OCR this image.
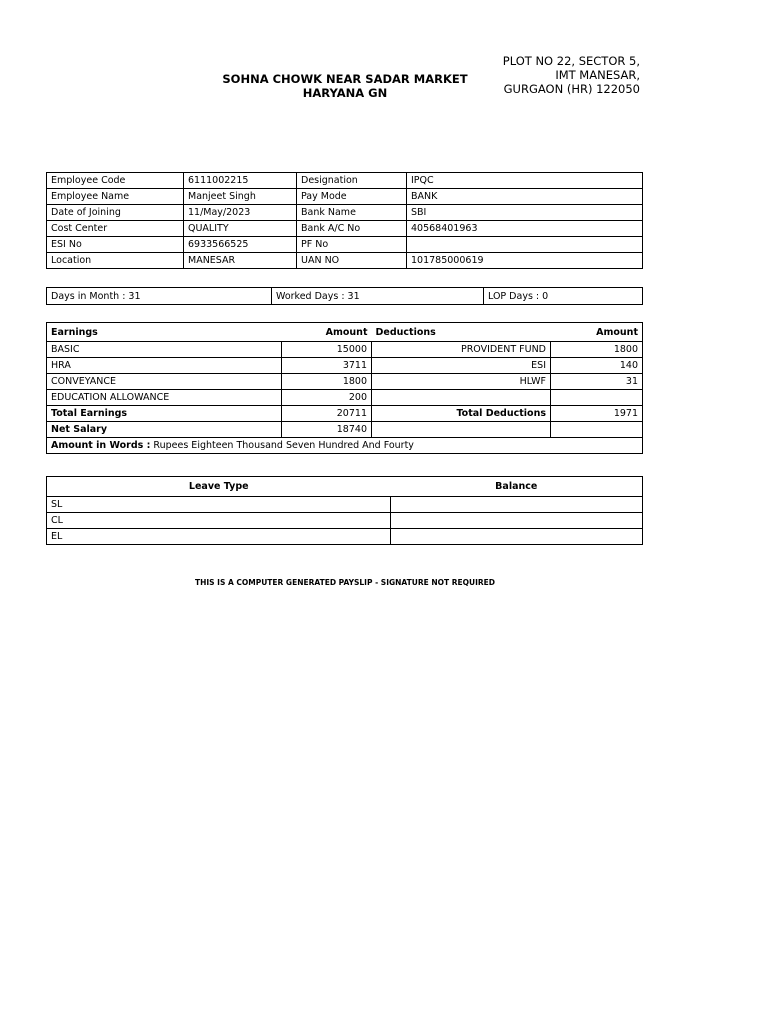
SOHNA CHOWK NEAR SADAR MARKET
HARYANA GN
PLOT NO 22, SECTOR 5,
IMT MANESAR,
GURGAON (HR) 122050
Employee Code	6111002215	Designation	IPQC
Employee Name	Manjeet Singh	Pay Mode	BANK
Date of Joining	11/May/2023	Bank Name	SBI
Cost Center	QUALITY	Bank A/C No	40568401963
ESI No	6933566525	PF No	
Location	MANESAR	UAN NO	101785000619
Days in Month : 31	Worked Days : 31	LOP Days : 0
Earnings	Amount	Deductions	Amount
BASIC	15000	PROVIDENT FUND	1800
HRA	3711	ESI	140
CONVEYANCE	1800	HLWF	31
EDUCATION ALLOWANCE	200		
Total Earnings	20711	Total Deductions	1971
Net Salary	18740		
Amount in Words : Rupees Eighteen Thousand Seven Hundred And Fourty			
Leave Type	Balance
SL	
CL	
EL	
THIS IS A COMPUTER GENERATED PAYSLIP - SIGNATURE NOT REQUIRED
